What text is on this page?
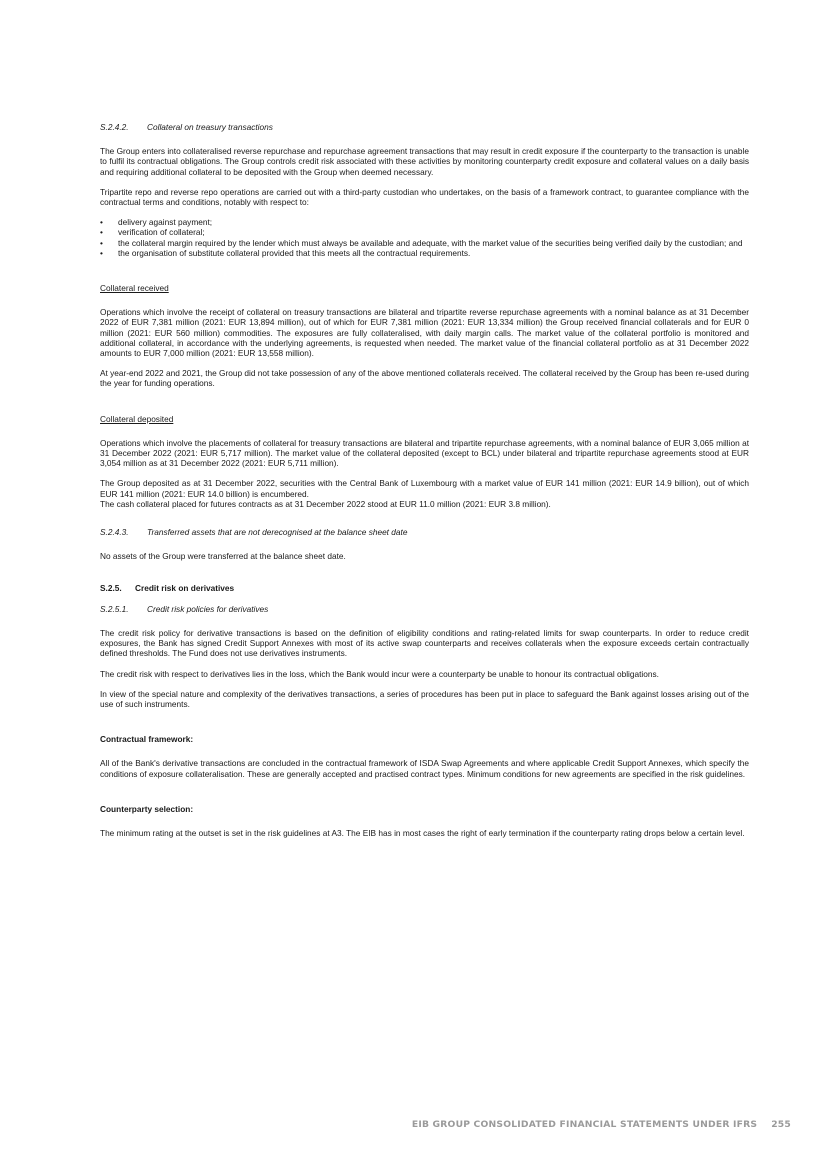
S.2.4.2. Collateral on treasury transactions

The Group enters into collateralised reverse repurchase and repurchase agreement transactions that may result in credit exposure if the counterparty to the transaction is unable to fulfil its contractual obligations. The Group controls credit risk associated with these activities by monitoring counterparty credit exposure and collateral values on a daily basis and requiring additional collateral to be deposited with the Group when deemed necessary.

Tripartite repo and reverse repo operations are carried out with a third-party custodian who undertakes, on the basis of a framework contract, to guarantee compliance with the contractual terms and conditions, notably with respect to:

• delivery against payment;
• verification of collateral;
• the collateral margin required by the lender which must always be available and adequate, with the market value of the securities being verified daily by the custodian; and
• the organisation of substitute collateral provided that this meets all the contractual requirements.
Collateral received

Operations which involve the receipt of collateral on treasury transactions are bilateral and tripartite reverse repurchase agreements with a nominal balance as at 31 December 2022 of EUR 7,381 million (2021: EUR 13,894 million), out of which for EUR 7,381 million (2021: EUR 13,334 million) the Group received financial collaterals and for EUR 0 million (2021: EUR 560 million) commodities. The exposures are fully collateralised, with daily margin calls. The market value of the collateral portfolio is monitored and additional collateral, in accordance with the underlying agreements, is requested when needed. The market value of the financial collateral portfolio as at 31 December 2022 amounts to EUR 7,000 million (2021: EUR 13,558 million).

At year-end 2022 and 2021, the Group did not take possession of any of the above mentioned collaterals received. The collateral received by the Group has been re-used during the year for funding operations.

Collateral deposited

Operations which involve the placements of collateral for treasury transactions are bilateral and tripartite repurchase agreements, with a nominal balance of EUR 3,065 million at 31 December 2022 (2021: EUR 5,717 million). The market value of the collateral deposited (except to BCL) under bilateral and tripartite repurchase agreements stood at EUR 3,054 million as at 31 December 2022 (2021: EUR 5,711 million).

The Group deposited as at 31 December 2022, securities with the Central Bank of Luxembourg with a market value of EUR 141 million (2021: EUR 14.9 billion), out of which EUR 141 million (2021: EUR 14.0 billion) is encumbered.

The cash collateral placed for futures contracts as at 31 December 2022 stood at EUR 11.0 million (2021: EUR 3.8 million).

S.2.4.3. Transferred assets that are not derecognised at the balance sheet date

No assets of the Group were transferred at the balance sheet date.

S.2.5. Credit risk on derivatives
S.2.5.1. Credit risk policies for derivatives

The credit risk policy for derivative transactions is based on the definition of eligibility conditions and rating-related limits for swap counterparts. In order to reduce credit exposures, the Bank has signed Credit Support Annexes with most of its active swap counterparts and receives collaterals when the exposure exceeds certain contractually defined thresholds. The Fund does not use derivatives instruments.

The credit risk with respect to derivatives lies in the loss, which the Bank would incur were a counterparty be unable to honour its contractual obligations.

In view of the special nature and complexity of the derivatives transactions, a series of procedures has been put in place to safeguard the Bank against losses arising out of the use of such instruments.

Contractual framework:

All of the Bank's derivative transactions are concluded in the contractual framework of ISDA Swap Agreements and where applicable Credit Support Annexes, which specify the conditions of exposure collateralisation. These are generally accepted and practised contract types. Minimum conditions for new agreements are specified in the risk guidelines.

Counterparty selection:

The minimum rating at the outset is set in the risk guidelines at A3. The EIB has in most cases the right of early termination if the counterparty rating drops below a certain level.

EIB GROUP CONSOLIDATED FINANCIAL STATEMENTS UNDER IFRS 255
